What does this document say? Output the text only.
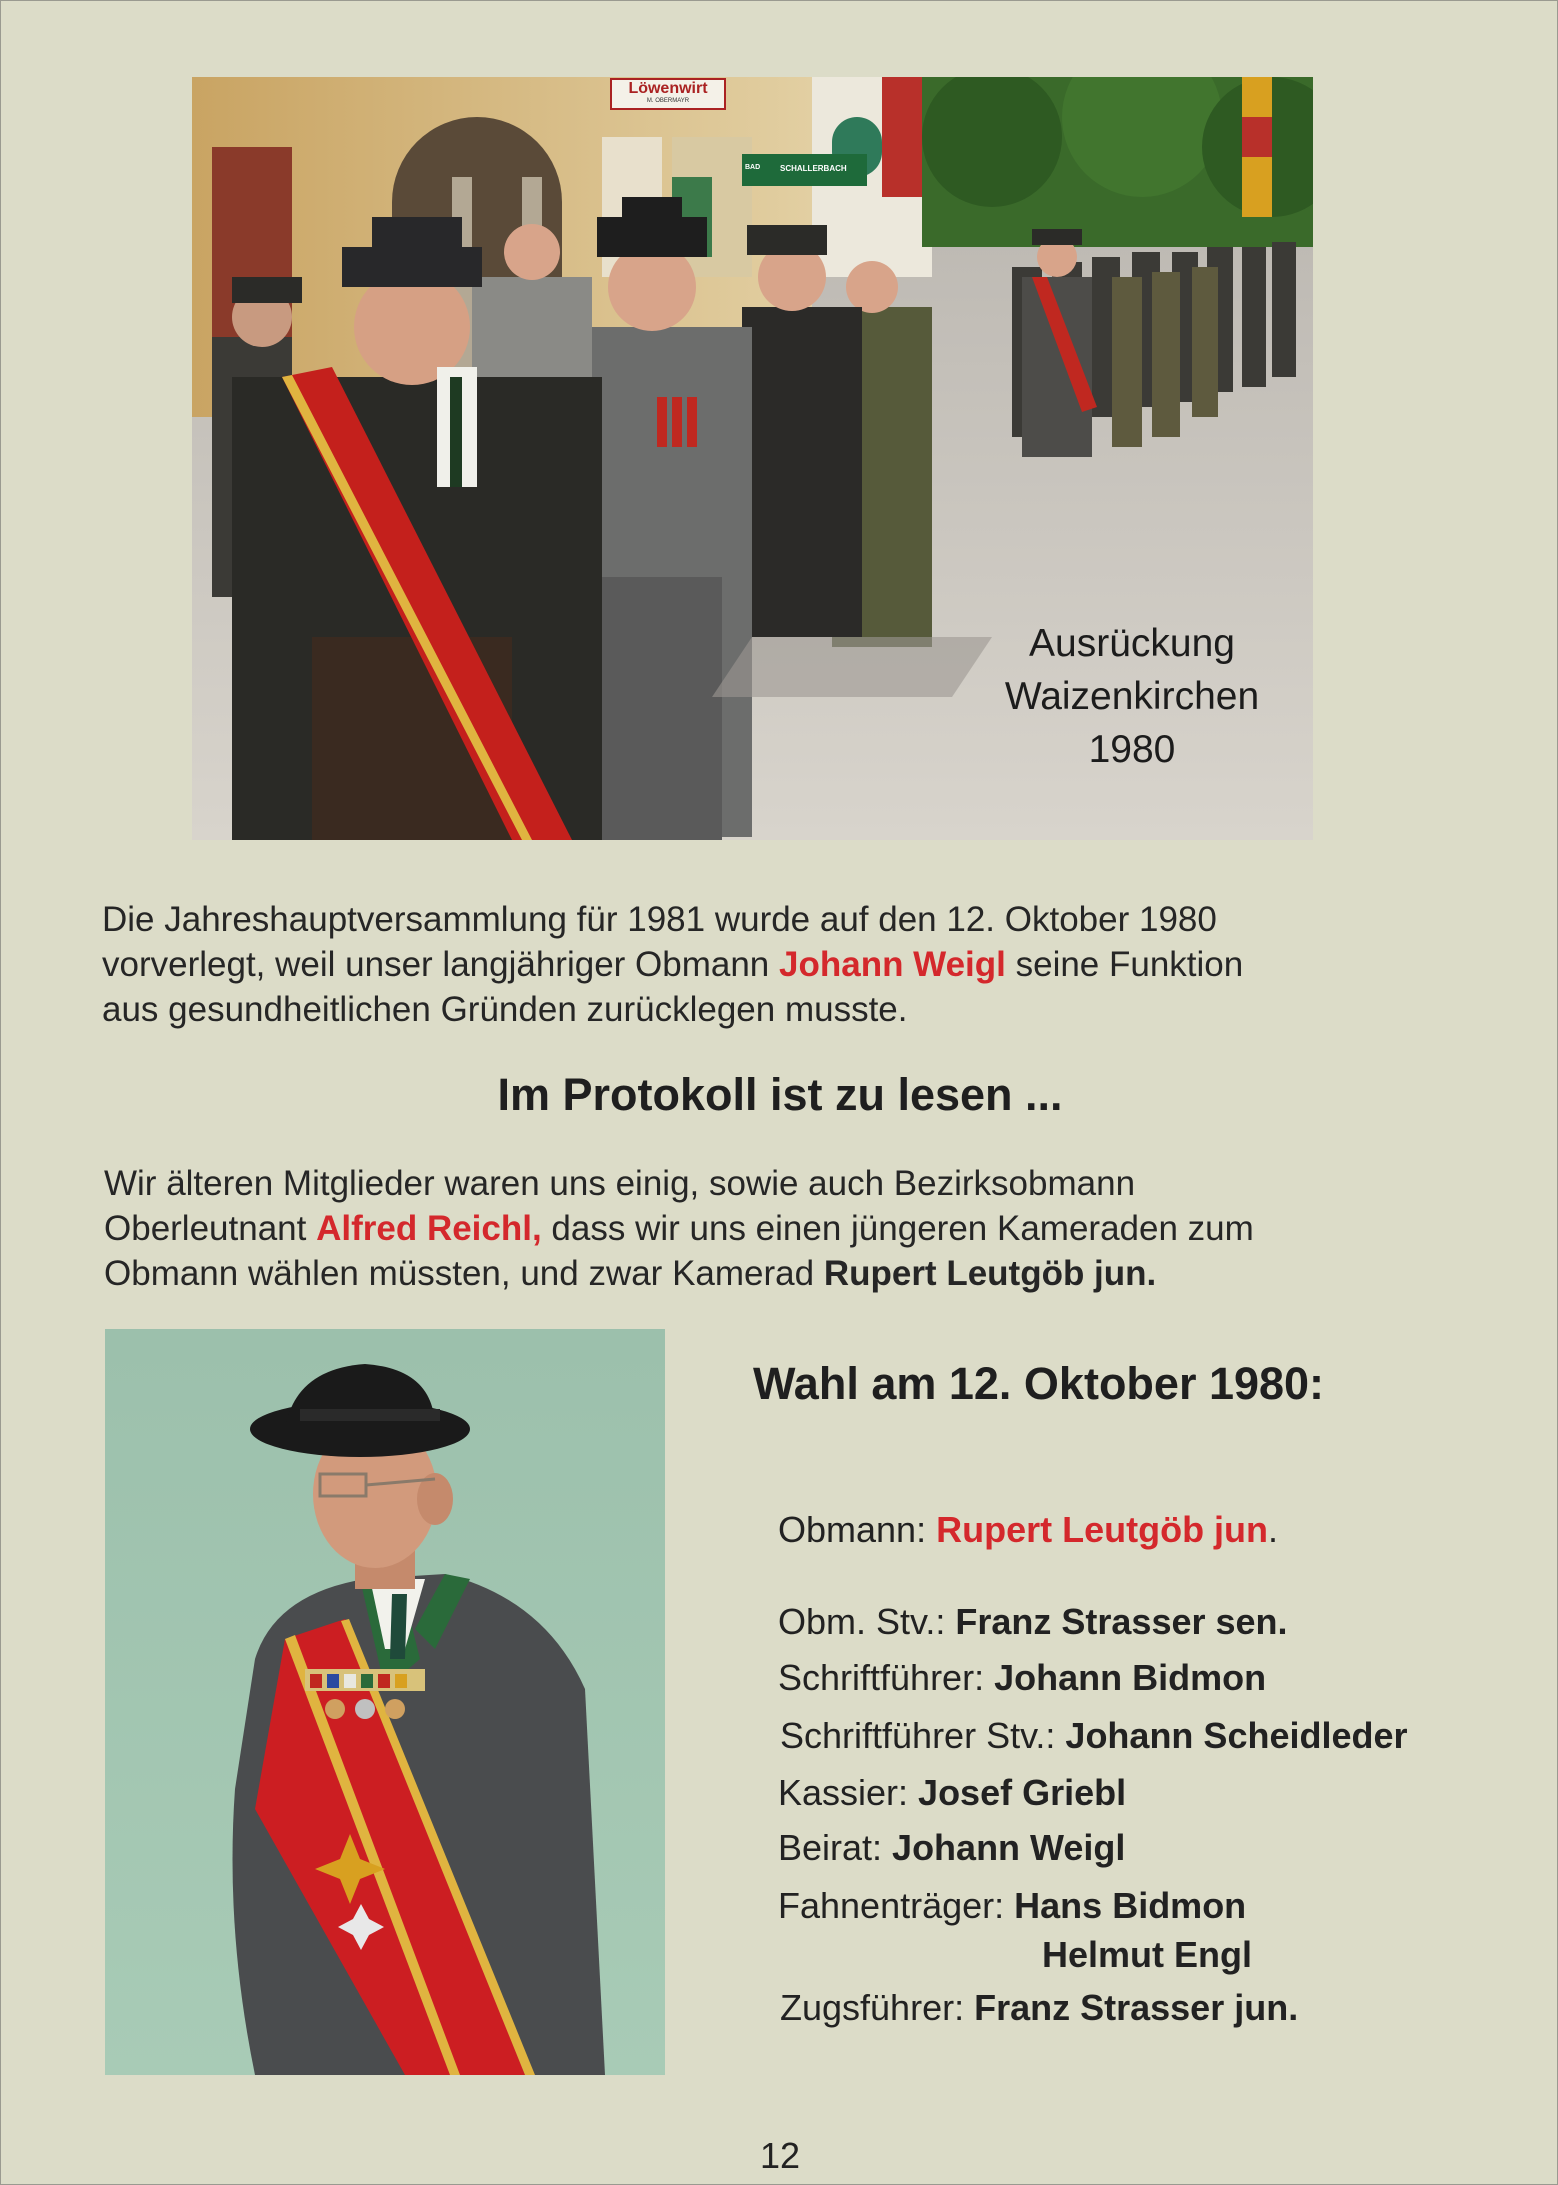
Löwenwirt
M. OBERMAYR
BAD SCHALLERBACH
Ausrückung
Waizenkirchen
1980
Die Jahreshauptversammlung für 1981 wurde auf den 12. Oktober 1980
vorverlegt, weil unser langjähriger Obmann Johann Weigl seine Funktion
aus gesundheitlichen Gründen zurücklegen musste.
Im Protokoll ist zu lesen ...
Wir älteren Mitglieder waren uns einig, sowie auch Bezirksobmann
Oberleutnant Alfred Reichl, dass wir uns einen jüngeren Kameraden zum
Obmann wählen müssten, und zwar Kamerad Rupert Leutgöb jun.
Wahl am 12. Oktober 1980:
Obmann: Rupert Leutgöb jun.
Obm. Stv.: Franz Strasser sen.
Schriftführer: Johann Bidmon
Schriftführer Stv.: Johann Scheidleder
Kassier: Josef Griebl
Beirat: Johann Weigl
Fahnenträger: Hans Bidmon
Helmut Engl
Zugsführer: Franz Strasser jun.
12
